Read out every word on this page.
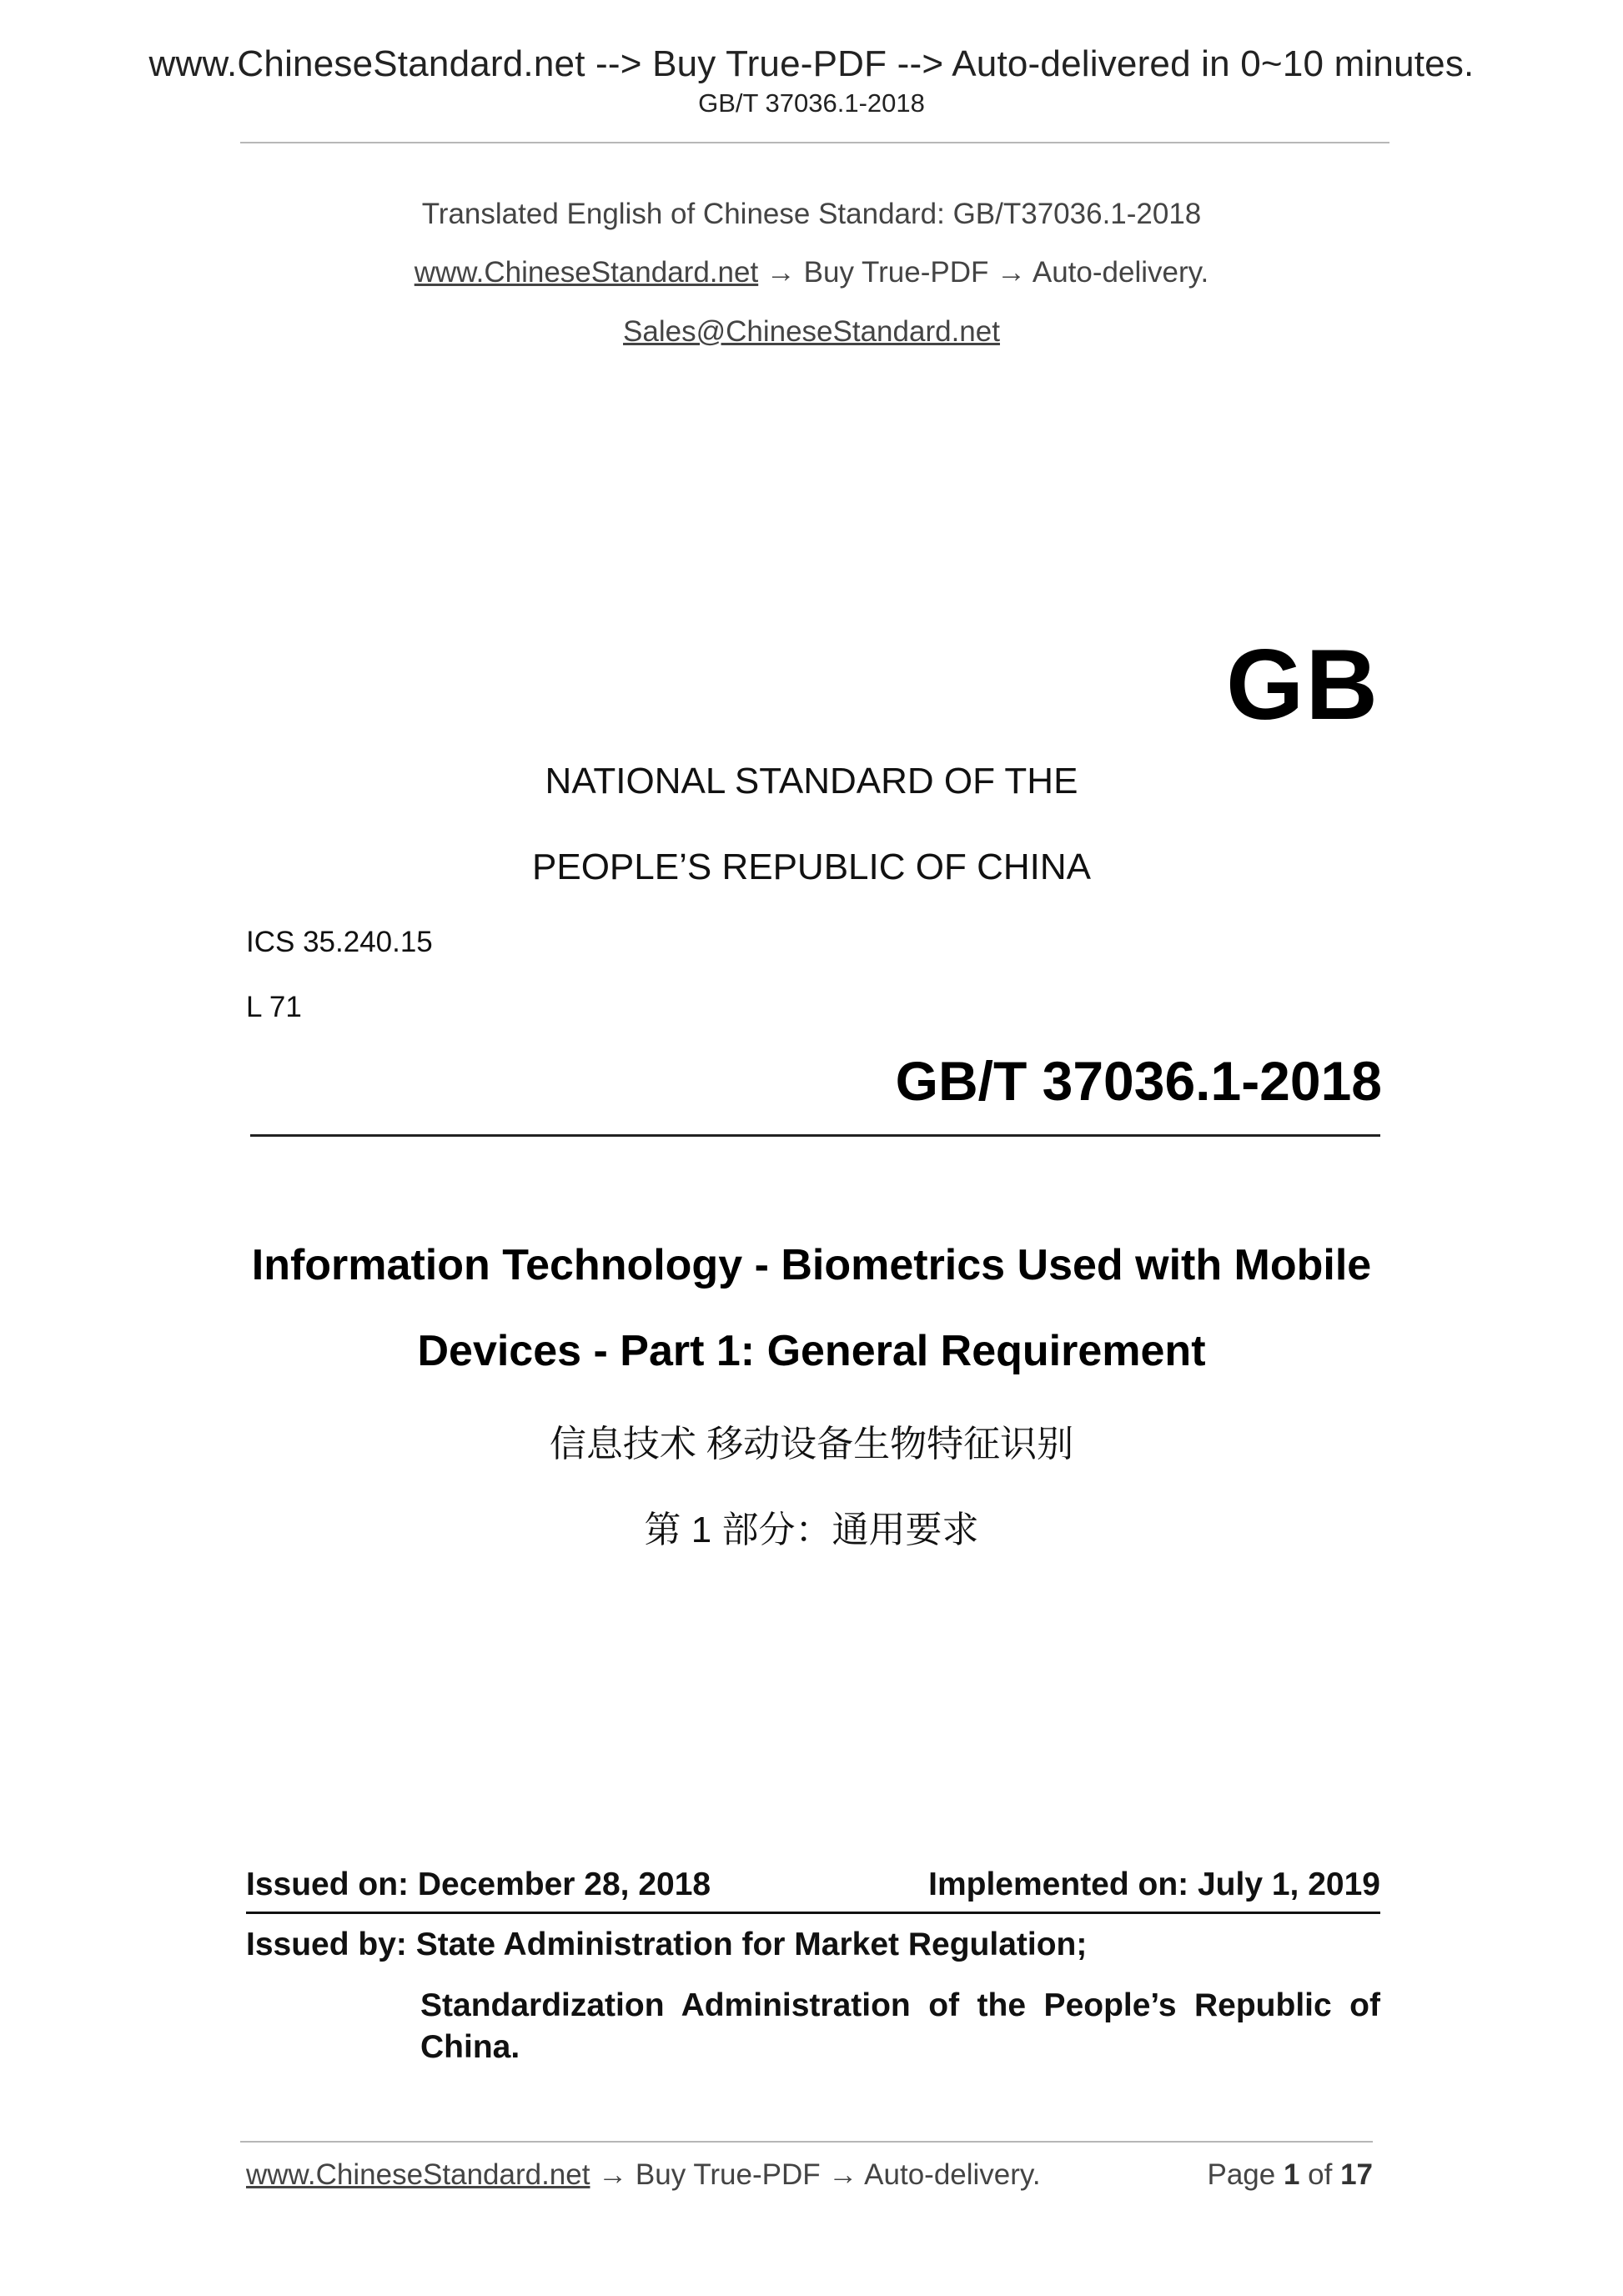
www.ChineseStandard.net --> Buy True-PDF --> Auto-delivered in 0~10 minutes.
GB/T 37036.1-2018
Translated English of Chinese Standard: GB/T37036.1-2018
www.ChineseStandard.net → Buy True-PDF → Auto-delivery.
Sales@ChineseStandard.net
GB
NATIONAL STANDARD OF THE
PEOPLE’S REPUBLIC OF CHINA
ICS 35.240.15
L 71
GB/T 37036.1-2018
Information Technology - Biometrics Used with Mobile
Devices - Part 1: General Requirement
信息技术 移动设备生物特征识别
第 1 部分：通用要求
Issued on: December 28, 2018	Implemented on: July 1, 2019
Issued by: State Administration for Market Regulation;
Standardization Administration of the People’s Republic of China.
www.ChineseStandard.net → Buy True-PDF → Auto-delivery.	Page 1 of 17
